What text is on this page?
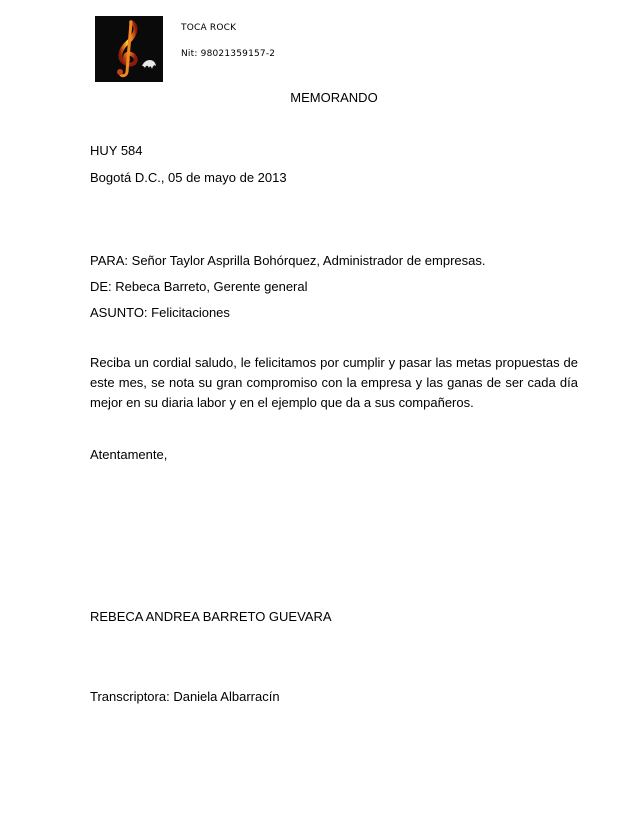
TOCA ROCK
Nit: 98021359157-2
MEMORANDO
HUY 584
Bogotá D.C., 05 de mayo de 2013
PARA: Señor Taylor Asprilla Bohórquez, Administrador de empresas.
DE: Rebeca Barreto, Gerente general
ASUNTO: Felicitaciones
Reciba un cordial saludo, le felicitamos por cumplir y pasar las metas propuestas de este mes, se nota su gran compromiso con la empresa y las ganas de ser cada día mejor en su diaria labor y en el ejemplo que da a sus compañeros.
Atentamente,
REBECA ANDREA BARRETO GUEVARA
Transcriptora: Daniela Albarracín
